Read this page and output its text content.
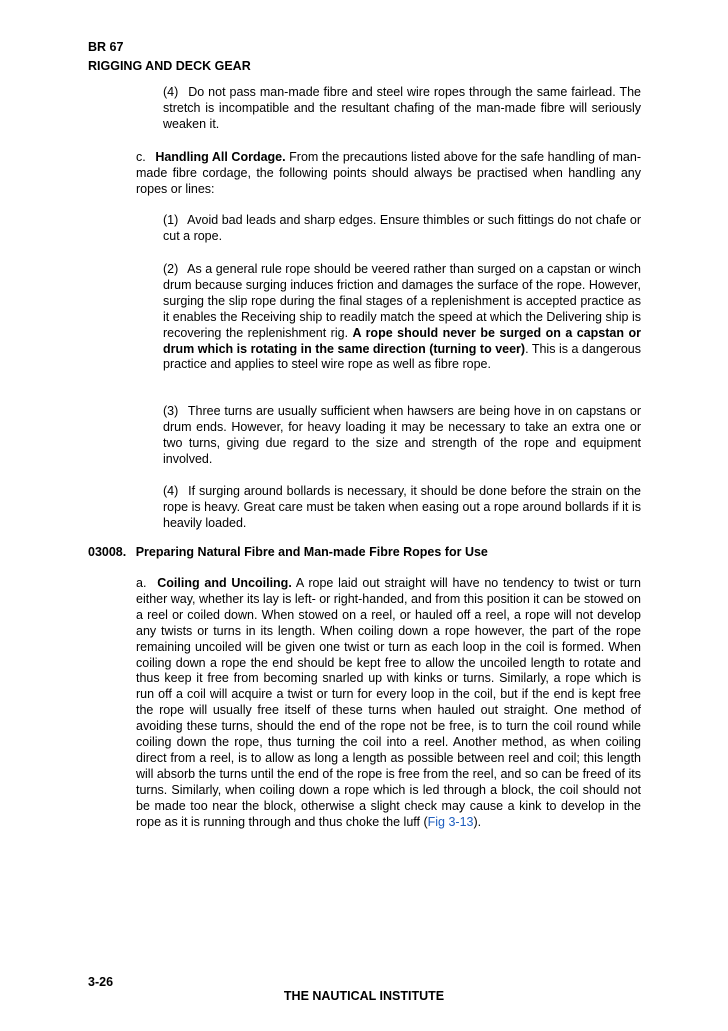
BR 67
RIGGING AND DECK GEAR

(4) Do not pass man-made fibre and steel wire ropes through the same fairlead. The stretch is incompatible and the resultant chafing of the man-made fibre will seriously weaken it.

c. Handling All Cordage. From the precautions listed above for the safe handling of man-made fibre cordage, the following points should always be practised when handling any ropes or lines:

(1) Avoid bad leads and sharp edges. Ensure thimbles or such fittings do not chafe or cut a rope.

(2) As a general rule rope should be veered rather than surged on a capstan or winch drum because surging induces friction and damages the surface of the rope. However, surging the slip rope during the final stages of a replenishment is accepted practice as it enables the Receiving ship to readily match the speed at which the Delivering ship is recovering the replenishment rig. A rope should never be surged on a capstan or drum which is rotating in the same direction (turning to veer). This is a dangerous practice and applies to steel wire rope as well as fibre rope.

(3) Three turns are usually sufficient when hawsers are being hove in on capstans or drum ends. However, for heavy loading it may be necessary to take an extra one or two turns, giving due regard to the size and strength of the rope and equipment involved.

(4) If surging around bollards is necessary, it should be done before the strain on the rope is heavy. Great care must be taken when easing out a rope around bollards if it is heavily loaded.

03008. Preparing Natural Fibre and Man-made Fibre Ropes for Use

a. Coiling and Uncoiling. A rope laid out straight will have no tendency to twist or turn either way, whether its lay is left- or right-handed, and from this position it can be stowed on a reel or coiled down. When stowed on a reel, or hauled off a reel, a rope will not develop any twists or turns in its length. When coiling down a rope however, the part of the rope remaining uncoiled will be given one twist or turn as each loop in the coil is formed. When coiling down a rope the end should be kept free to allow the uncoiled length to rotate and thus keep it free from becoming snarled up with kinks or turns. Similarly, a rope which is run off a coil will acquire a twist or turn for every loop in the coil, but if the end is kept free the rope will usually free itself of these turns when hauled out straight. One method of avoiding these turns, should the end of the rope not be free, is to turn the coil round while coiling down the rope, thus turning the coil into a reel. Another method, as when coiling direct from a reel, is to allow as long a length as possible between reel and coil; this length will absorb the turns until the end of the rope is free from the reel, and so can be freed of its turns. Similarly, when coiling down a rope which is led through a block, the coil should not be made too near the block, otherwise a slight check may cause a kink to develop in the rope as it is running through and thus choke the luff (Fig 3-13).

3-26
THE NAUTICAL INSTITUTE
